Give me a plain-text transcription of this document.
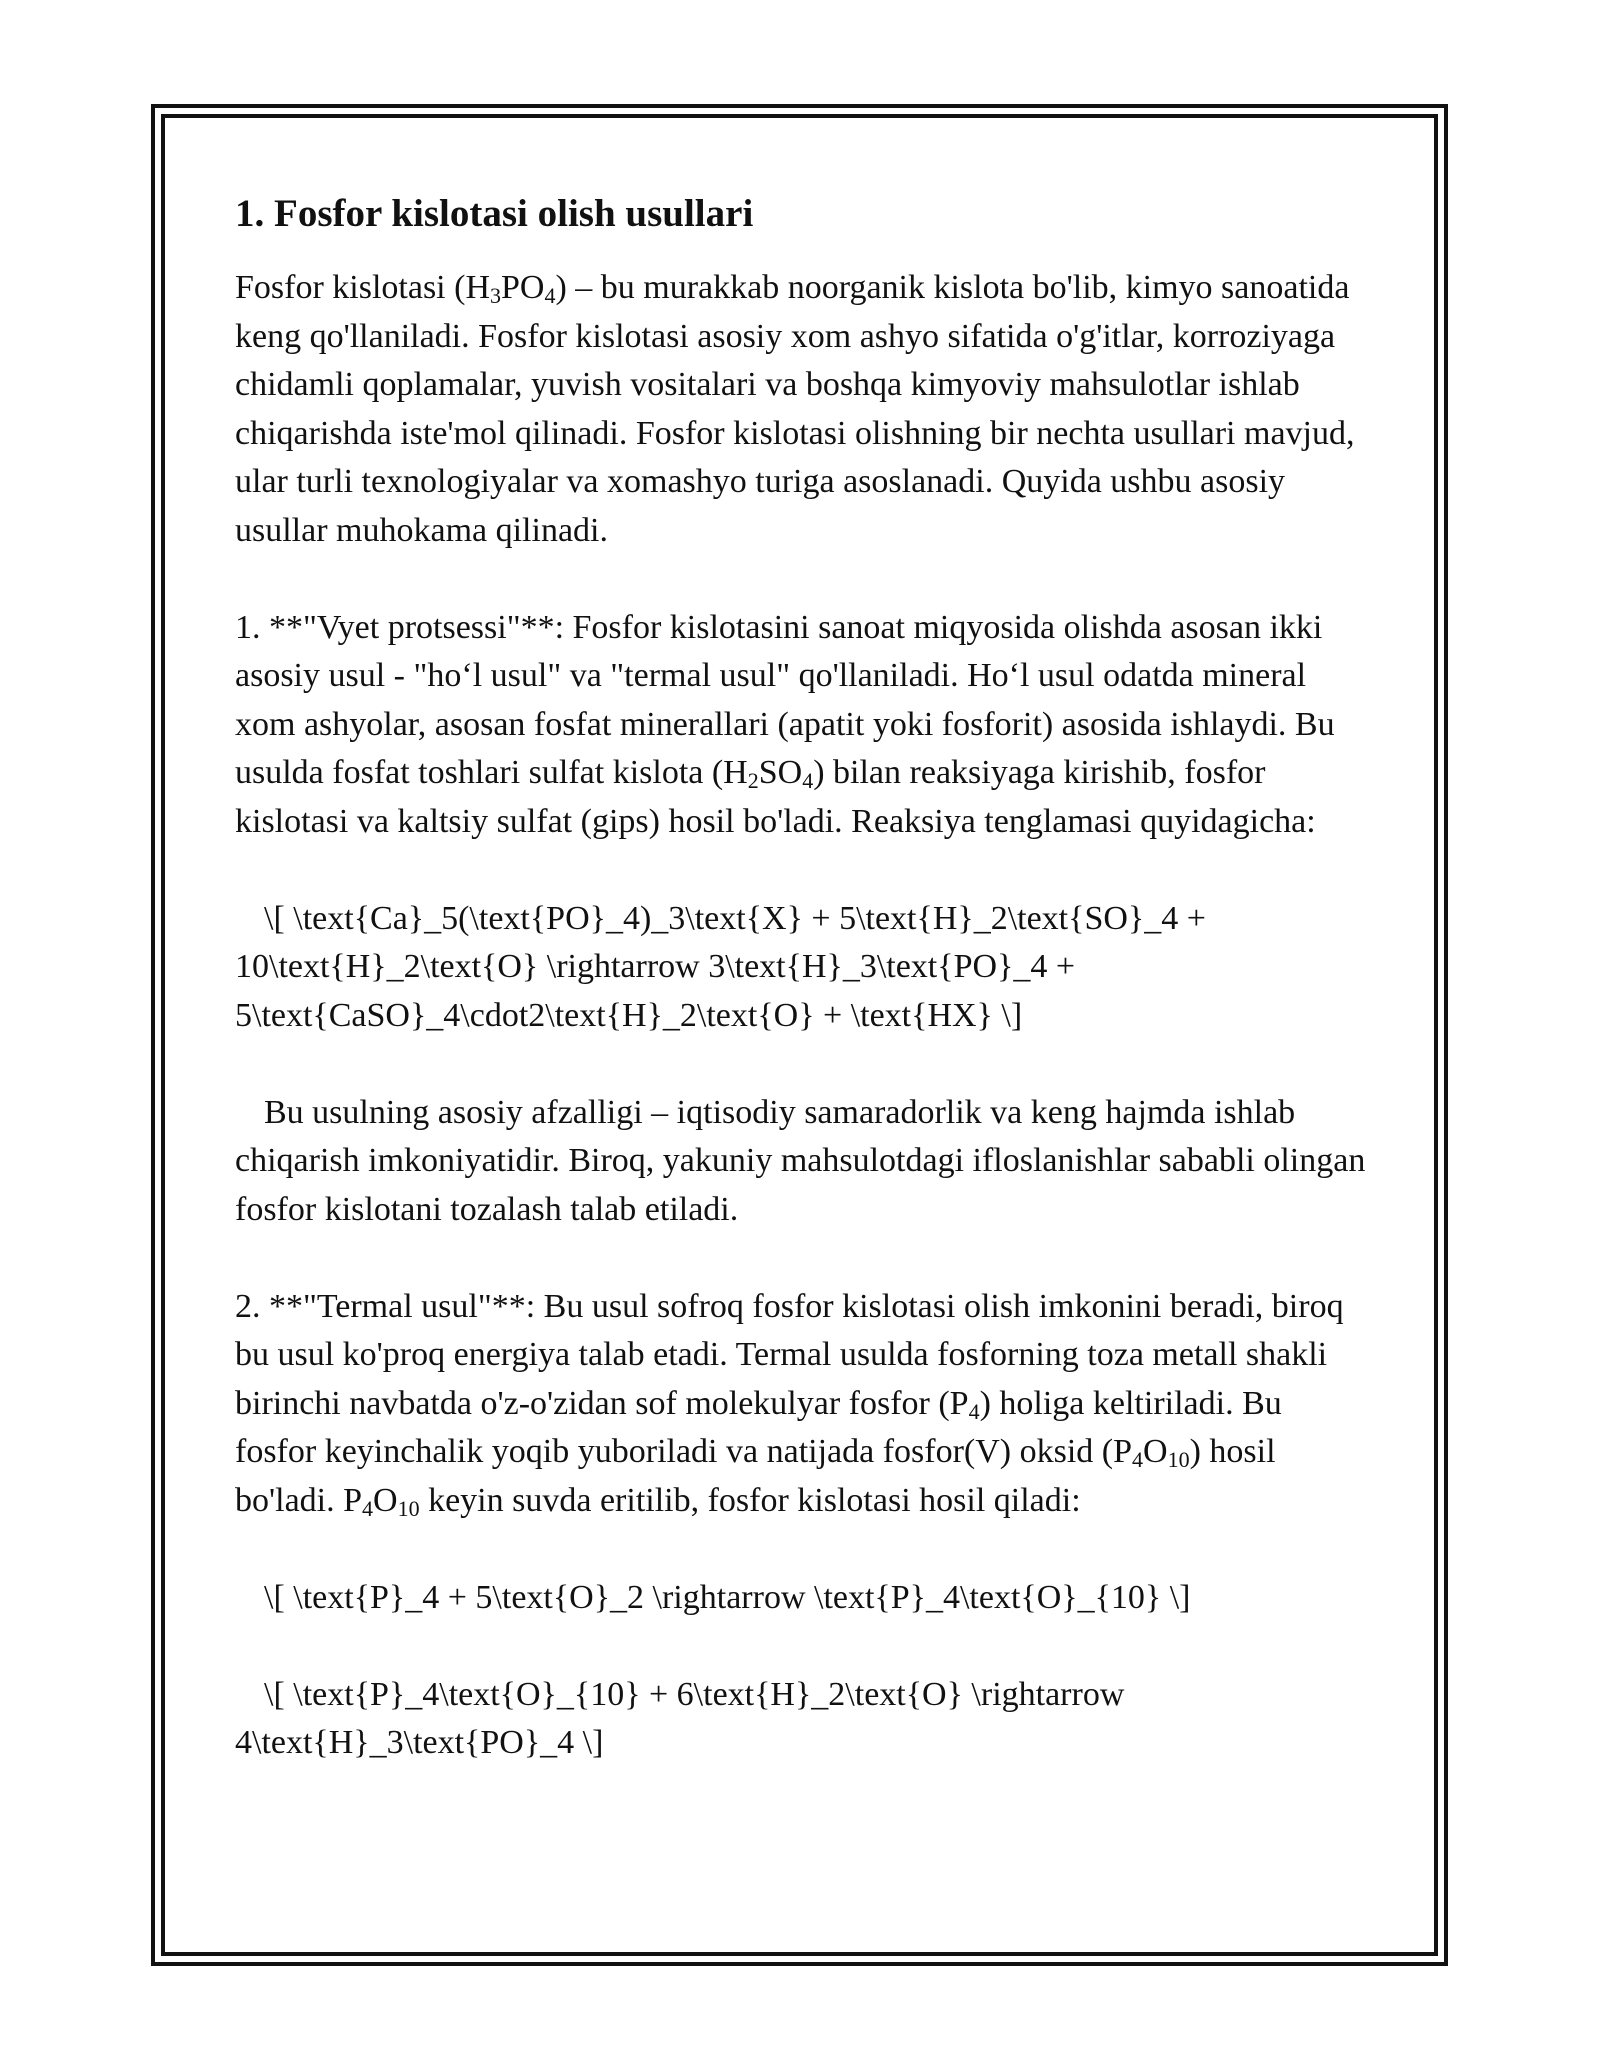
1. Fosfor kislotasi olish usullari

Fosfor kislotasi $(H_3PO_4)$ – bu murakkab noorganik kislota bo'lib, kimyo sanoatida keng qo'llaniladi. Fosfor kislotasi asosiy xom ashyo sifatida o'g'itlar, korroziyaga chidamli qoplamalar, yuvish vositalari va boshqa kimyoviy mahsulotlar ishlab chiqarishda iste'mol qilinadi. Fosfor kislotasi olishning bir nechta usullari mavjud, ular turli texnologiyalar va xomashyo turiga asoslanadi. Quyida ushbu asosiy usullar muhokama qilinadi.

1. **"Vyet protsessi"**: Fosfor kislotasini sanoat miqyosida olishda asosan ikki asosiy usul - "ho‘l usul" va "termal usul" qo'llaniladi. Ho‘l usul odatda mineral xom ashyolar, asosan fosfat minerallari (apatit yoki fosforit) asosida ishlaydi. Bu usulda fosfat toshlari sulfat kislota $(H_2SO_4)$ bilan reaksiyaga kirishib, fosfor kislotasi va kaltsiy sulfat (gips) hosil bo'ladi. Reaksiya tenglamasi quyidagicha:

\[ \text{Ca}_5(\text{PO}_4)_3\text{X} + 5\text{H}_2\text{SO}_4 + 10\text{H}_2\text{O} \rightarrow 3\text{H}_3\text{PO}_4 + 5\text{CaSO}_4\cdot2\text{H}_2\text{O} + \text{HX} \]

Bu usulning asosiy afzalligi – iqtisodiy samaradorlik va keng hajmda ishlab chiqarish imkoniyatidir. Biroq, yakuniy mahsulotdagi ifloslanishlar sababli olingan fosfor kislotani tozalash talab etiladi.

2. **"Termal usul"**: Bu usul sofroq fosfor kislotasi olish imkonini beradi, biroq bu usul ko'proq energiya talab etadi. Termal usulda fosforning toza metall shakli birinchi navbatda o'z-o'zidan sof molekulyar fosfor $(P_4)$ holiga keltiriladi. Bu fosfor keyinchalik yoqib yuboriladi va natijada fosfor(V) oksid $(P_4O_{10})$ hosil bo'ladi. $P_4O_{10}$ keyin suvda eritilib, fosfor kislotasi hosil qiladi:

\[ \text{P}_4 + 5\text{O}_2 \rightarrow \text{P}_4\text{O}_{10} \]

\[ \text{P}_4\text{O}_{10} + 6\text{H}_2\text{O} \rightarrow 4\text{H}_3\text{PO}_4 \]
